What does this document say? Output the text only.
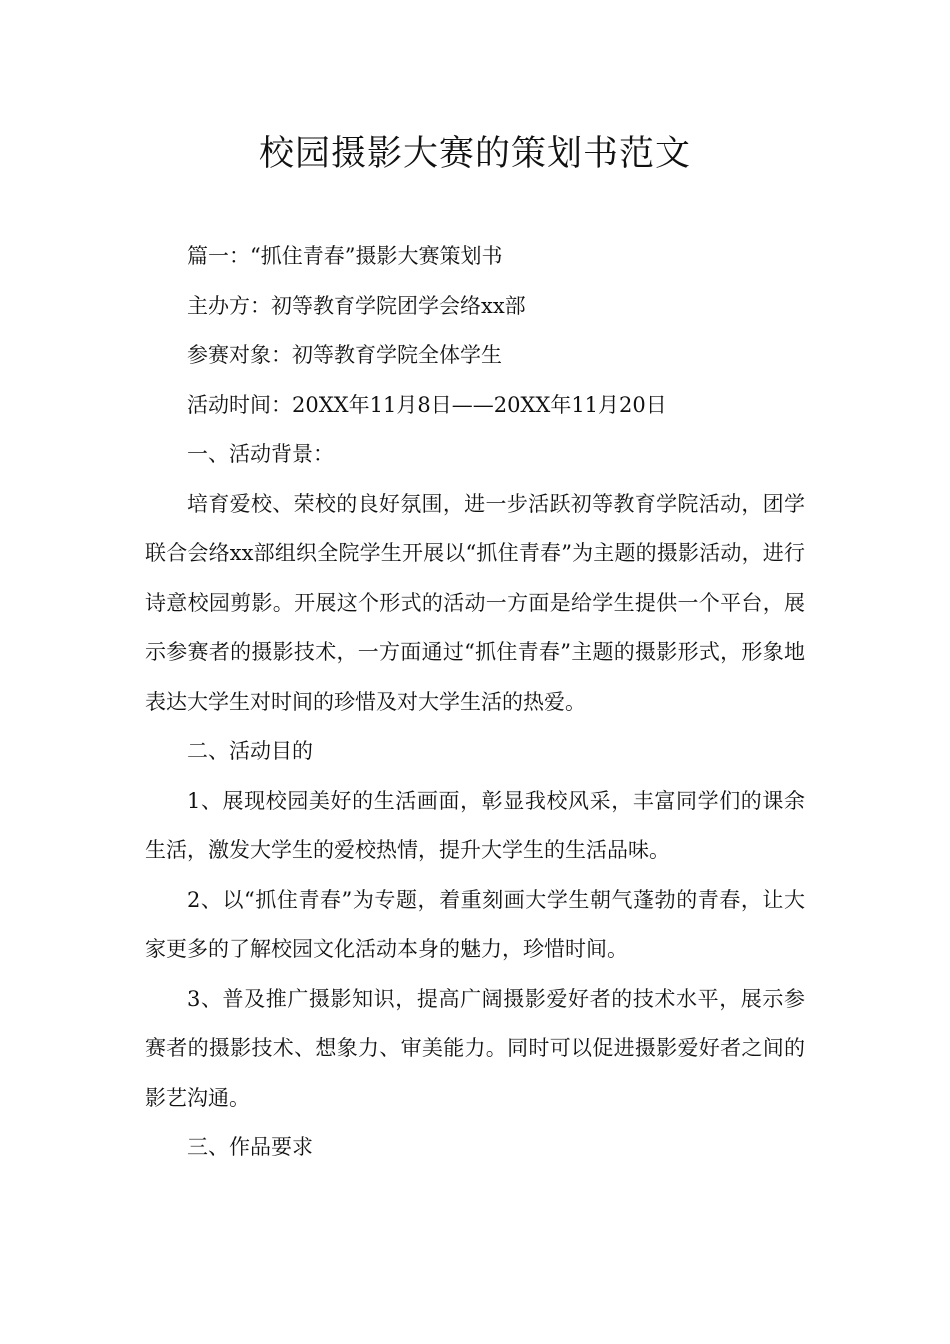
校园摄影大赛的策划书范文

篇一：“抓住青春”摄影大赛策划书

主办方：初等教育学院团学会络xx部

参赛对象：初等教育学院全体学生

活动时间：20XX年11月8日——20XX年11月20日

一、活动背景：

培育爱校、荣校的良好氛围，进一步活跃初等教育学院活动，团学联合会络xx部组织全院学生开展以“抓住青春”为主题的摄影活动，进行诗意校园剪影。开展这个形式的活动一方面是给学生提供一个平台，展示参赛者的摄影技术，一方面通过“抓住青春”主题的摄影形式，形象地表达大学生对时间的珍惜及对大学生活的热爱。

二、活动目的

1、展现校园美好的生活画面，彰显我校风采，丰富同学们的课余生活，激发大学生的爱校热情，提升大学生的生活品味。

2、以“抓住青春”为专题，着重刻画大学生朝气蓬勃的青春，让大家更多的了解校园文化活动本身的魅力，珍惜时间。

3、普及推广摄影知识，提高广阔摄影爱好者的技术水平，展示参赛者的摄影技术、想象力、审美能力。同时可以促进摄影爱好者之间的影艺沟通。

三、作品要求
